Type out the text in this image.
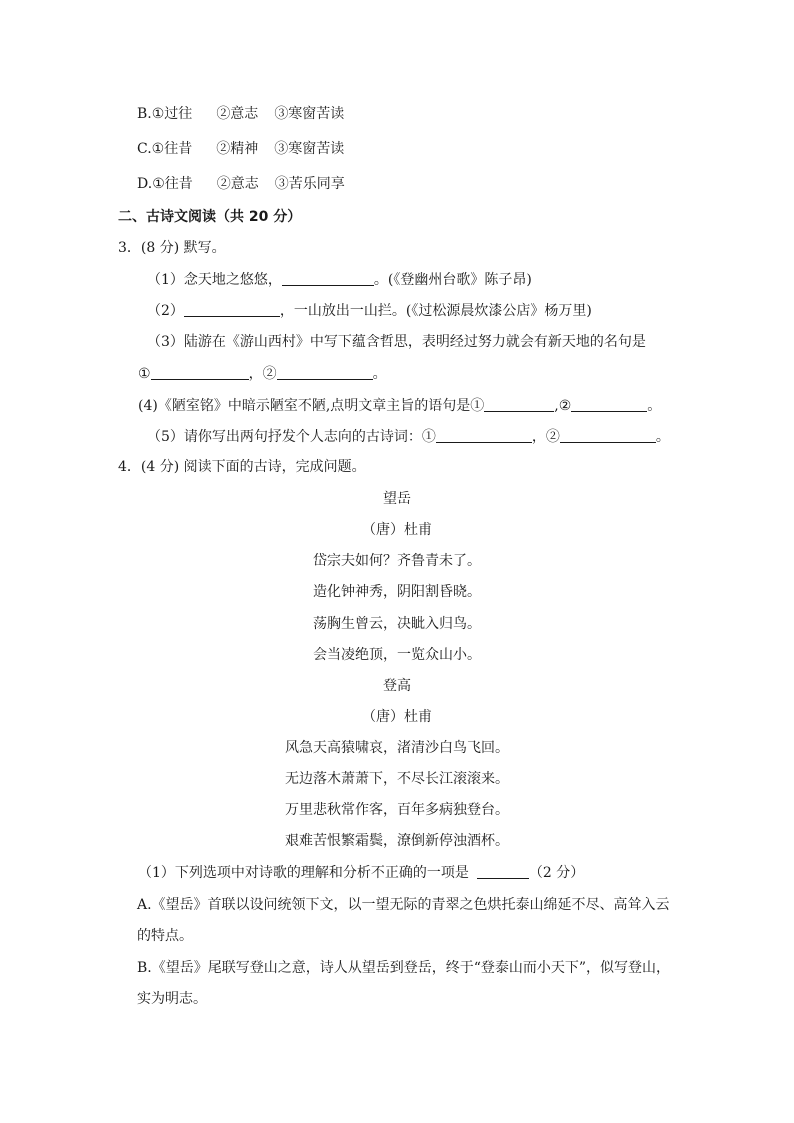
B.①过往 ②意志 ③寒窗苦读
C.①往昔 ②精神 ③寒窗苦读
D.①往昔 ②意志 ③苦乐同享
二、古诗文阅读（共 20 分）
3．(8 分) 默写。
（1）念天地之悠悠，	。(《登幽州台歌》陈子昂)
（2）	，一山放出一山拦。(《过松源晨炊漆公店》杨万里)
（3）陆游在《游山西村》中写下蕴含哲思，表明经过努力就会有新天地的名句是
①	，②	。
(4)《陋室铭》中暗示陋室不陋,点明文章主旨的语句是①	,②	。
（5）请你写出两句抒发个人志向的古诗词：①	，②	。
4．(4 分) 阅读下面的古诗，完成问题。
望岳
（唐）杜甫
岱宗夫如何？齐鲁青未了。
造化钟神秀，阴阳割昏晓。
荡胸生曾云，决眦入归鸟。
会当凌绝顶，一览众山小。
登高
（唐）杜甫
风急天高猿啸哀，渚清沙白鸟飞回。
无边落木萧萧下，不尽长江滚滚来。
万里悲秋常作客，百年多病独登台。
艰难苦恨繁霜鬓，潦倒新停浊酒杯。
（1）下列选项中对诗歌的理解和分析不正确的一项是	（2 分）
A.《望岳》首联以设问统领下文，以一望无际的青翠之色烘托泰山绵延不尽、高耸入云
的特点。
B.《望岳》尾联写登山之意，诗人从望岳到登岳，终于“登泰山而小天下”，似写登山，
实为明志。
